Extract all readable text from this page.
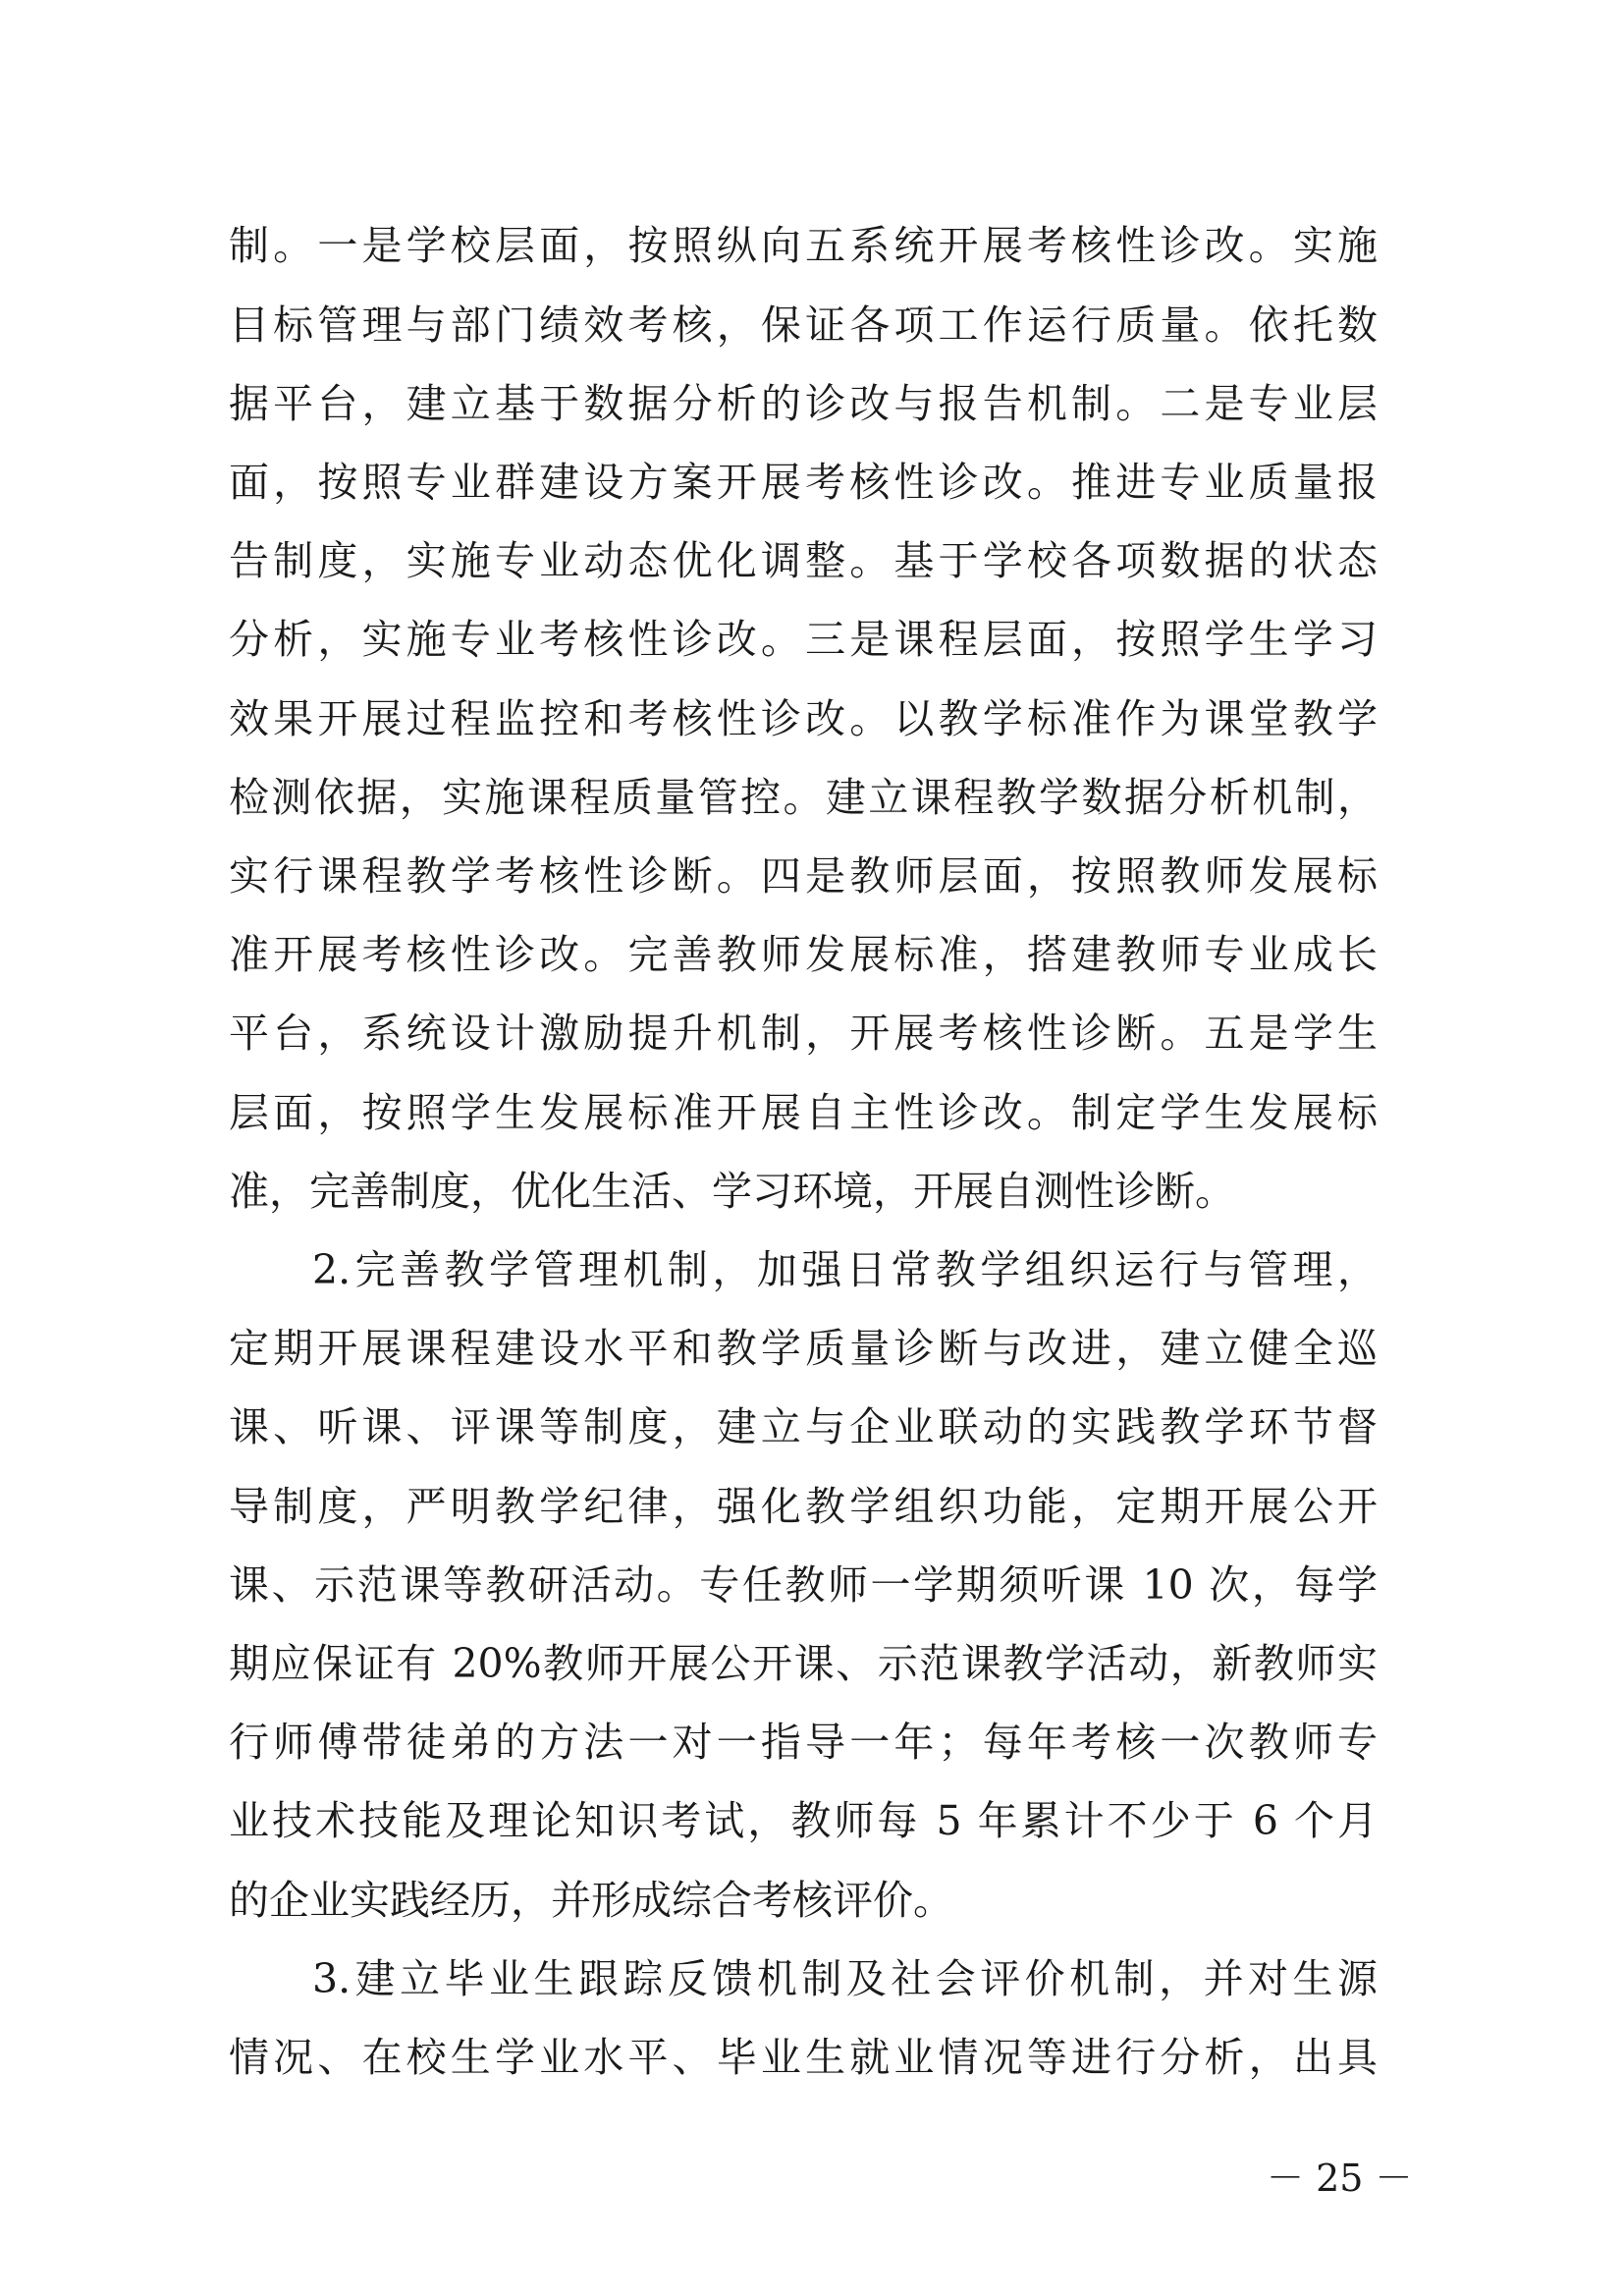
制。一是学校层面，按照纵向五系统开展考核性诊改。实施
目标管理与部门绩效考核，保证各项工作运行质量。依托数
据平台，建立基于数据分析的诊改与报告机制。二是专业层
面，按照专业群建设方案开展考核性诊改。推进专业质量报
告制度，实施专业动态优化调整。基于学校各项数据的状态
分析，实施专业考核性诊改。三是课程层面，按照学生学习
效果开展过程监控和考核性诊改。以教学标准作为课堂教学
检测依据，实施课程质量管控。建立课程教学数据分析机制，
实行课程教学考核性诊断。四是教师层面，按照教师发展标
准开展考核性诊改。完善教师发展标准，搭建教师专业成长
平台，系统设计激励提升机制，开展考核性诊断。五是学生
层面，按照学生发展标准开展自主性诊改。制定学生发展标
准，完善制度，优化生活、学习环境，开展自测性诊断。
2.完善教学管理机制，加强日常教学组织运行与管理，
定期开展课程建设水平和教学质量诊断与改进，建立健全巡
课、听课、评课等制度，建立与企业联动的实践教学环节督
导制度，严明教学纪律，强化教学组织功能，定期开展公开
课、示范课等教研活动。专任教师一学期须听课 10 次，每学
期应保证有 20%教师开展公开课、示范课教学活动，新教师实
行师傅带徒弟的方法一对一指导一年；每年考核一次教师专
业技术技能及理论知识考试，教师每 5 年累计不少于 6 个月
的企业实践经历，并形成综合考核评价。
3.建立毕业生跟踪反馈机制及社会评价机制，并对生源
情况、在校生学业水平、毕业生就业情况等进行分析，出具
－ 25 －
